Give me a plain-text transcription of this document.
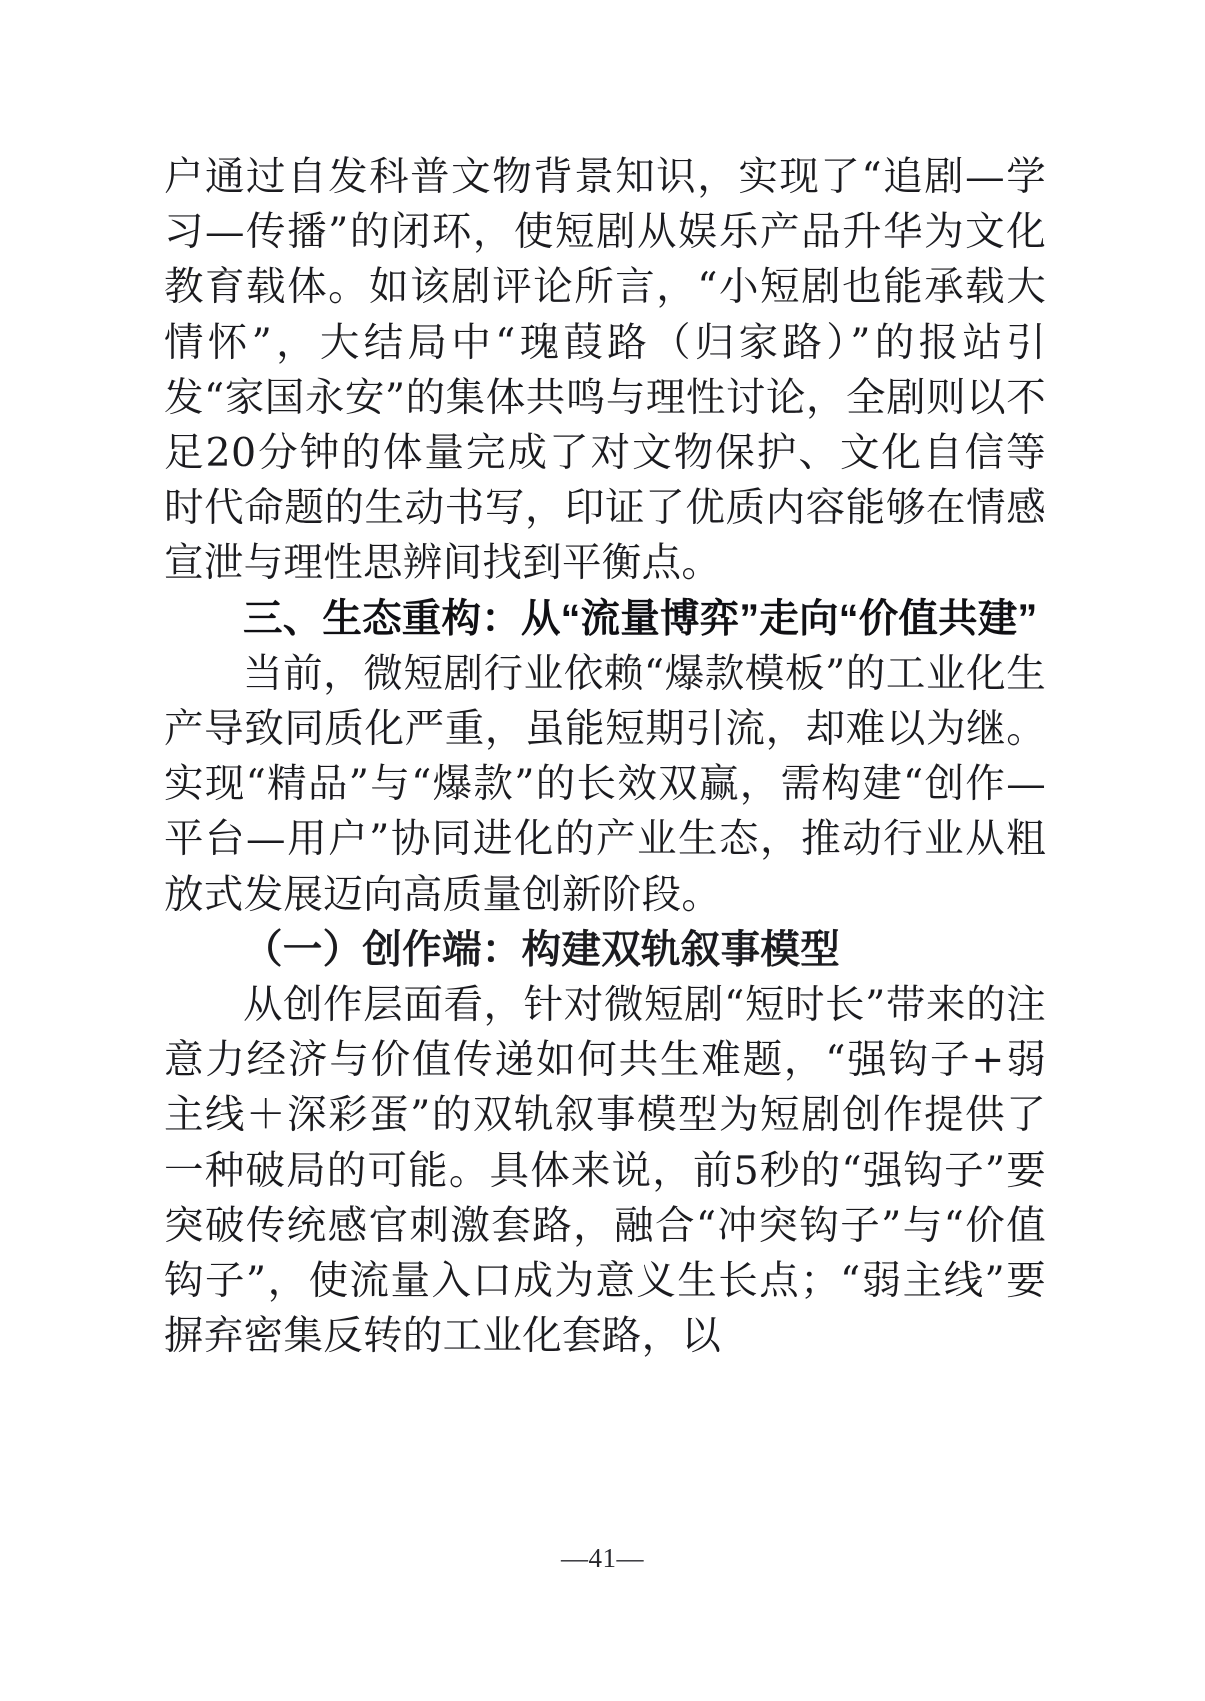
户通过自发科普文物背景知识，实现了“追剧—学习—传播”的闭环，使短剧从娱乐产品升华为文化教育载体。如该剧评论所言，“小短剧也能承载大情怀”，大结局中“瑰葭路（归家路）”的报站引发“家国永安”的集体共鸣与理性讨论，全剧则以不足20分钟的体量完成了对文物保护、文化自信等时代命题的生动书写，印证了优质内容能够在情感宣泄与理性思辨间找到平衡点。

三、生态重构：从“流量博弈”走向“价值共建”

当前，微短剧行业依赖“爆款模板”的工业化生产导致同质化严重，虽能短期引流，却难以为继。实现“精品”与“爆款”的长效双赢，需构建“创作—平台—用户”协同进化的产业生态，推动行业从粗放式发展迈向高质量创新阶段。

（一）创作端：构建双轨叙事模型

从创作层面看，针对微短剧“短时长”带来的注意力经济与价值传递如何共生难题，“强钩子+弱主线＋深彩蛋”的双轨叙事模型为短剧创作提供了一种破局的可能。具体来说，前5秒的“强钩子”要突破传统感官刺激套路，融合“冲突钩子”与“价值钩子”，使流量入口成为意义生长点；“弱主线”要摒弃密集反转的工业化套路，以

—41—
